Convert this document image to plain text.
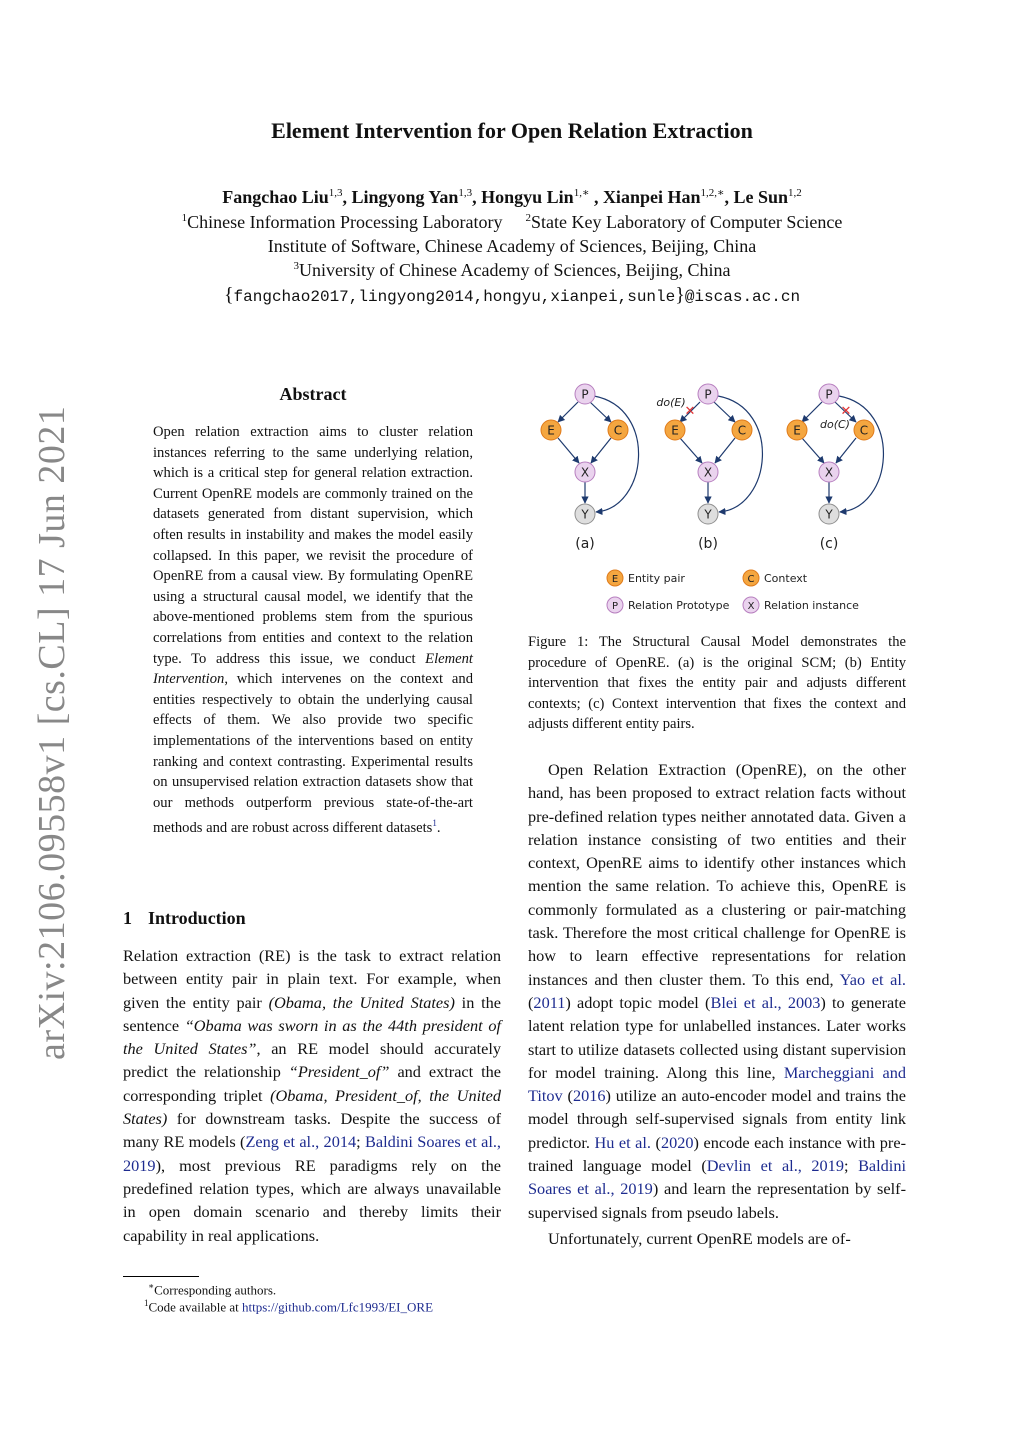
arXiv:2106.09558v1 [cs.CL] 17 Jun 2021
Element Intervention for Open Relation Extraction
Fangchao Liu$^{1,3}$, Lingyong Yan$^{1,3}$, Hongyu Lin$^{1,∗}$ , Xianpei Han$^{1,2,∗}$, Le Sun$^{1,2}$
$^1$Chinese Information Processing Laboratory $^2$State Key Laboratory of Computer Science
Institute of Software, Chinese Academy of Sciences, Beijing, China
$^3$University of Chinese Academy of Sciences, Beijing, China
{fangchao2017,lingyong2014,hongyu,xianpei,sunle}@iscas.ac.cn
Abstract
Open relation extraction aims to cluster relation instances referring to the same underlying relation, which is a critical step for general relation extraction. Current OpenRE models are commonly trained on the datasets generated from distant supervision, which often results in instability and makes the model easily collapsed. In this paper, we revisit the procedure of OpenRE from a causal view. By formulating OpenRE using a structural causal model, we identify that the above-mentioned problems stem from the spurious correlations from entities and context to the relation type. To address this issue, we conduct Element Intervention, which intervenes on the context and entities respectively to obtain the underlying causal effects of them. We also provide two specific implementations of the interventions based on entity ranking and context contrasting. Experimental results on unsupervised relation extraction datasets show that our methods outperform previous state-of-the-art methods and are robust across different datasets$^1$.
1 Introduction

Relation extraction (RE) is the task to extract relation between entity pair in plain text. For example, when given the entity pair (Obama, the United States) in the sentence “Obama was sworn in as the 44th president of the United States”, an RE model should accurately predict the relationship “President_of” and extract the corresponding triplet (Obama, President_of, the United States) for downstream tasks. Despite the success of many RE models (Zeng et al., 2014; Baldini Soares et al., 2019), most previous RE paradigms rely on the predefined relation types, which are always unavailable in open domain scenario and thereby limits their capability in real applications.

∗Corresponding authors.
$^1$Code available at https://github.com/Lfc1993/EI_ORE
P
E	C
X
Y
(a)
✕
do(E)
P
E	C
X
Y
(b)
✕
do(C)
P
E	C
X
Y
(c)
E Entity pair	C Context
P Relation Prototype X Relation instance
Figure 1: The Structural Causal Model demonstrates the procedure of OpenRE. (a) is the original SCM; (b) Entity intervention that fixes the entity pair and adjusts different contexts; (c) Context intervention that fixes the context and adjusts different entity pairs.

Open Relation Extraction (OpenRE), on the other hand, has been proposed to extract relation facts without pre-defined relation types neither annotated data. Given a relation instance consisting of two entities and their context, OpenRE aims to identify other instances which mention the same relation. To achieve this, OpenRE is commonly formulated as a clustering or pair-matching task. Therefore the most critical challenge for OpenRE is how to learn effective representations for relation instances and then cluster them. To this end, Yao et al. (2011) adopt topic model (Blei et al., 2003) to generate latent relation type for unlabelled instances. Later works start to utilize datasets collected using distant supervision for model training. Along this line, Marcheggiani and Titov (2016) utilize an auto-encoder model and trains the model through self-supervised signals from entity link predictor. Hu et al. (2020) encode each instance with pre-trained language model (Devlin et al., 2019; Baldini Soares et al., 2019) and learn the representation by self-supervised signals from pseudo labels.

Unfortunately, current OpenRE models are of-
